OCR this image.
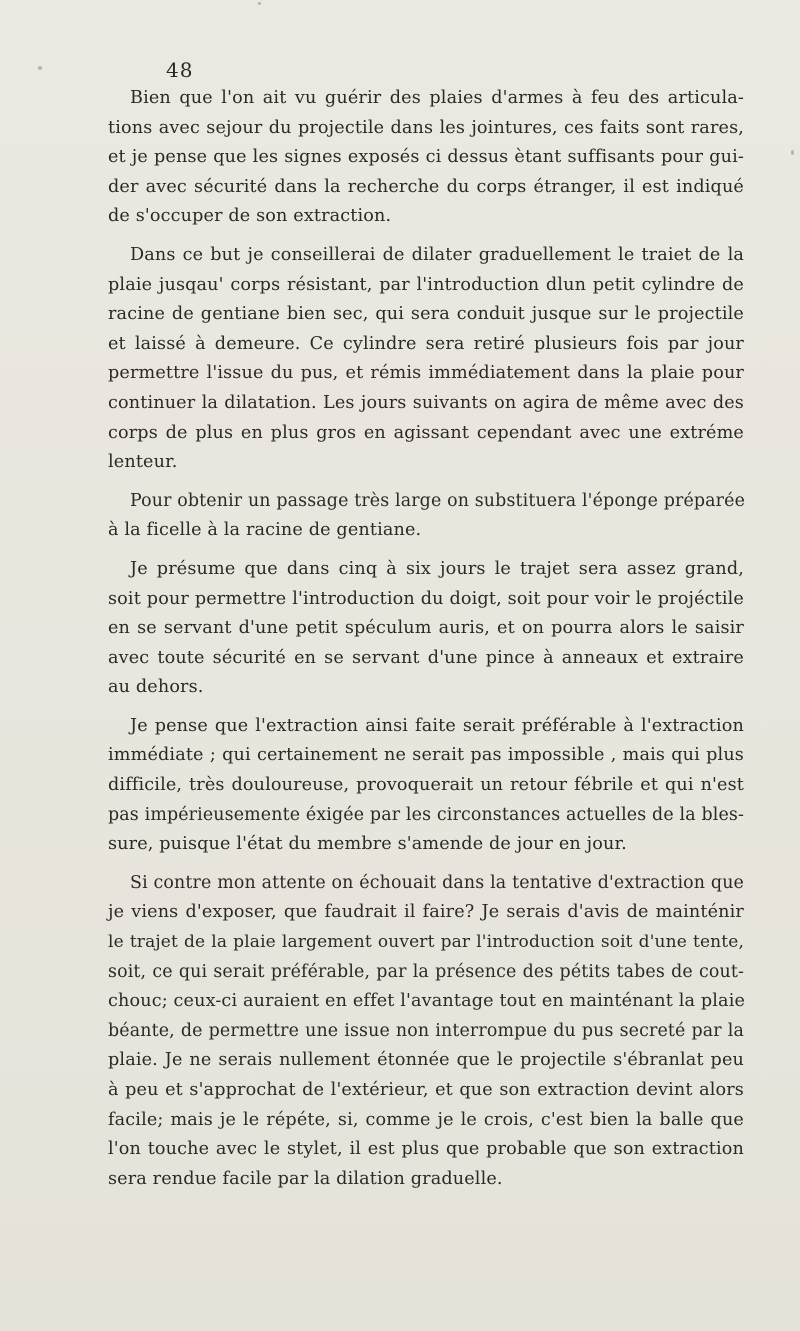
48
Bien que l'on ait vu guérir des plaies d'armes à feu des articula-
tions avec sejour du projectile dans les jointures, ces faits sont rares,
et je pense que les signes exposés ci dessus ètant suffisants pour gui-
der avec sécurité dans la recherche du corps étranger, il est indiqué
de s'occuper de son extraction.
Dans ce but je conseillerai de dilater graduellement le traiet de la
plaie jusqau' corps résistant, par l'introduction dlun petit cylindre de
racine de gentiane bien sec, qui sera conduit jusque sur le projectile
et laissé à demeure. Ce cylindre sera retiré plusieurs fois par jour
permettre l'issue du pus, et rémis immédiatement dans la plaie pour
continuer la dilatation. Les jours suivants on agira de même avec des
corps de plus en plus gros en agissant cependant avec une extréme
lenteur.
Pour obtenir un passage très large on substituera l'éponge préparée
à la ficelle à la racine de gentiane.
Je présume que dans cinq à six jours le trajet sera assez grand,
soit pour permettre l'introduction du doigt, soit pour voir le projéctile
en se servant d'une petit spéculum auris, et on pourra alors le saisir
avec toute sécurité en se servant d'une pince à anneaux et extraire
au dehors.
Je pense que l'extraction ainsi faite serait préférable à l'extraction
immédiate ; qui certainement ne serait pas impossible , mais qui plus
difficile, très douloureuse, provoquerait un retour fébrile et qui n'est
pas impérieusemente éxigée par les circonstances actuelles de la bles-
sure, puisque l'état du membre s'amende de jour en jour.
Si contre mon attente on échouait dans la tentative d'extraction que
je viens d'exposer, que faudrait il faire? Je serais d'avis de mainténir
le trajet de la plaie largement ouvert par l'introduction soit d'une tente,
soit, ce qui serait préférable, par la présence des pétits tabes de cout-
chouc; ceux-ci auraient en effet l'avantage tout en mainténant la plaie
béante, de permettre une issue non interrompue du pus secreté par la
plaie. Je ne serais nullement étonnée que le projectile s'ébranlat peu
à peu et s'approchat de l'extérieur, et que son extraction devint alors
facile; mais je le répéte, si, comme je le crois, c'est bien la balle que
l'on touche avec le stylet, il est plus que probable que son extraction
sera rendue facile par la dilation graduelle.
